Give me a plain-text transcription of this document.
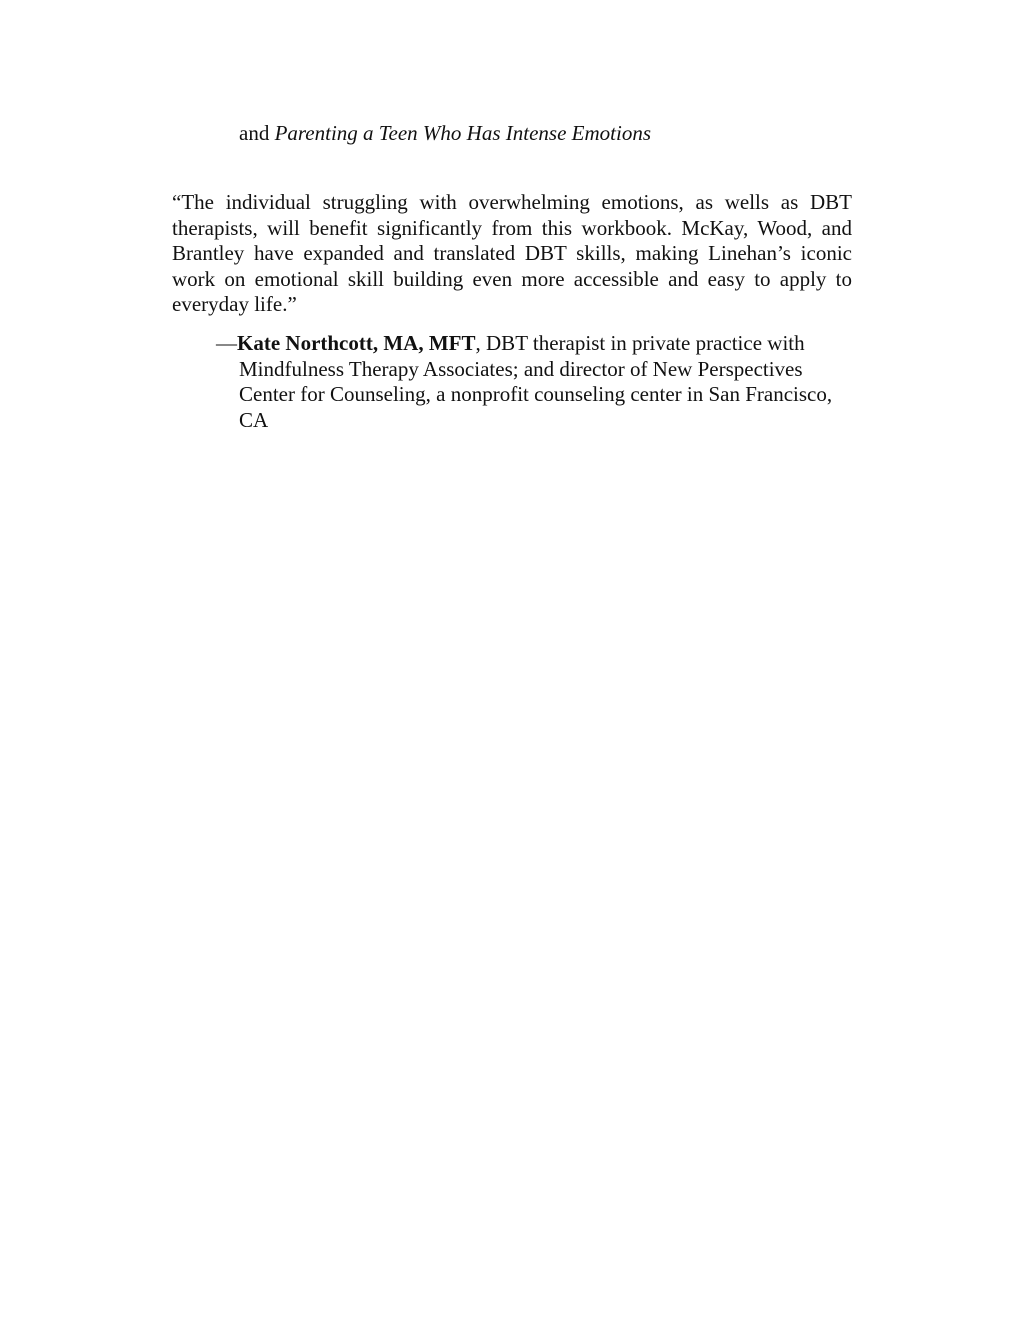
and Parenting a Teen Who Has Intense Emotions

“The individual struggling with overwhelming emotions, as wells as DBT therapists, will benefit significantly from this workbook. McKay, Wood, and Brantley have expanded and translated DBT skills, making Linehan’s iconic work on emotional skill building even more accessible and easy to apply to everyday life.”

—Kate Northcott, MA, MFT, DBT therapist in private practice with Mindfulness Therapy Associates; and director of New Perspectives Center for Counseling, a nonprofit counseling center in San Francisco, CA
